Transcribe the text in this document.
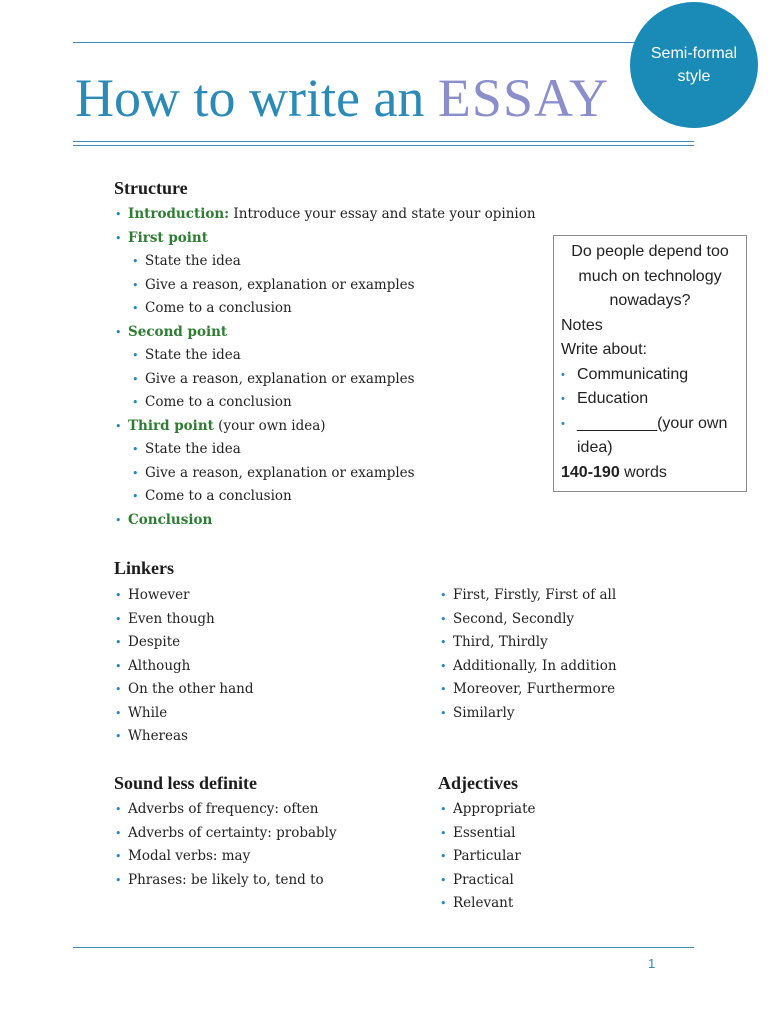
How to write an ESSAY
Semi-formal
style
Structure
• Introduction: Introduce your essay and state your opinion
• First point
• State the idea
• Give a reason, explanation or examples
• Come to a conclusion
• Second point
• State the idea
• Give a reason, explanation or examples
• Come to a conclusion
• Third point (your own idea)
• State the idea
• Give a reason, explanation or examples
• Come to a conclusion
• Conclusion

Do people depend too much on technology nowadays?

Notes

Write about:

• Communicating
• Education
• _________(your own idea)

140-190 words

Linkers
• However
• Even though
• Despite
• Although
• On the other hand
• While
• Whereas
• First, Firstly, First of all
• Second, Secondly
• Third, Thirdly
• Additionally, In addition
• Moreover, Furthermore
• Similarly
Sound less definite
• Adverbs of frequency: often
• Adverbs of certainty: probably
• Modal verbs: may
• Phrases: be likely to, tend to
Adjectives
• Appropriate
• Essential
• Particular
• Practical
• Relevant
1
